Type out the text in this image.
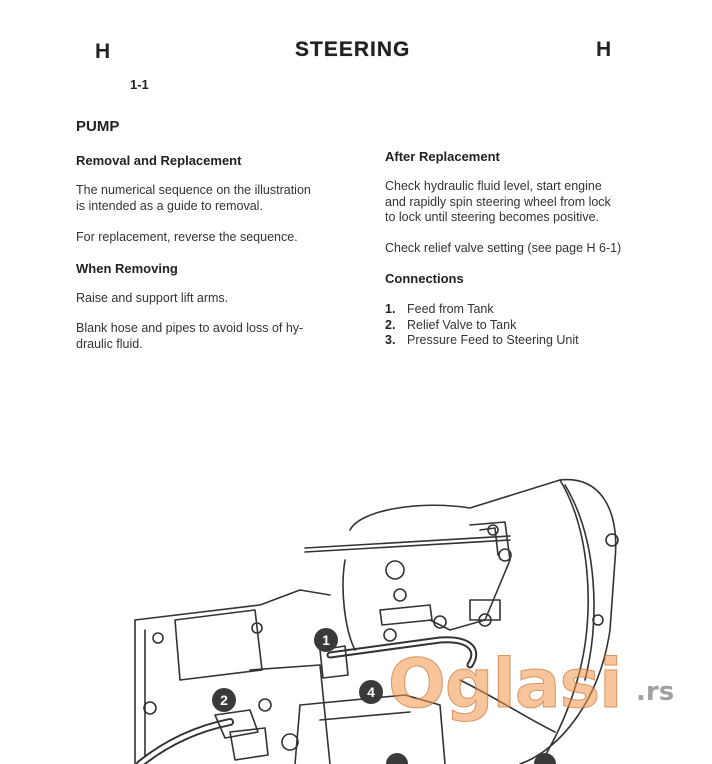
H	STEERING	H
1-1
PUMP
Removal and Replacement
The numerical sequence on the illustration
is intended as a guide to removal.
For replacement, reverse the sequence.
When Removing
Raise and support lift arms.
Blank hose and pipes to avoid loss of hy-
draulic fluid.
After Replacement
Check hydraulic fluid level, start engine
and rapidly spin steering wheel from lock
to lock until steering becomes positive.
Check relief valve setting (see page H 6-1)
Connections
1. Feed from Tank
2. Relief Valve to Tank
3. Pressure Feed to Steering Unit
1
2	4 Oglasi .rs
